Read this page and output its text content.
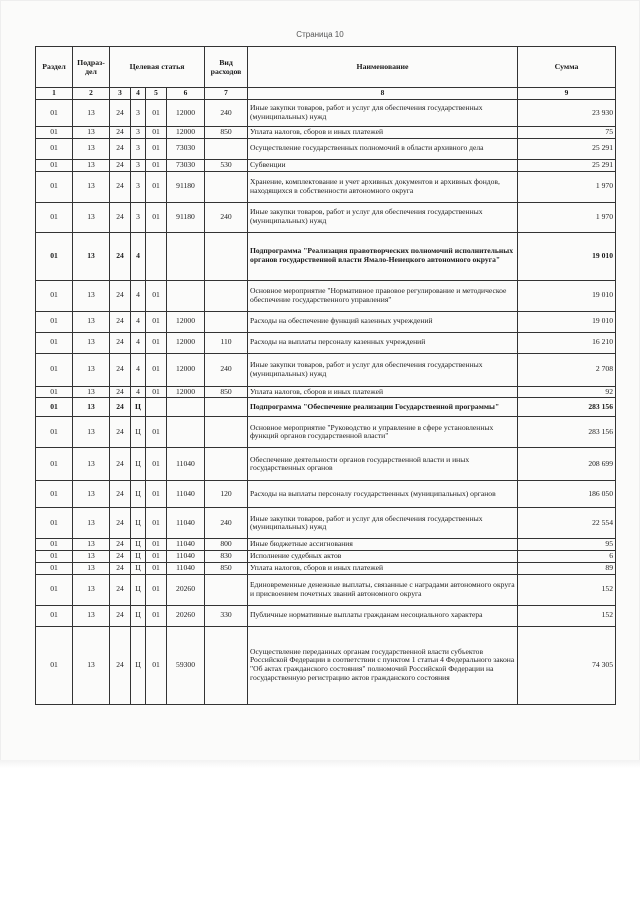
Страница 10
Раздел	Подраз-дел	Целевая статья				Вид расходов	Наименование	Сумма
1	2	3	4	5	6	7	8	9
01	13	24	3	01	12000	240	Иные закупки товаров, работ и услуг для обеспечения государственных (муниципальных) нужд	23 930
01	13	24	3	01	12000	850	Уплата налогов, сборов и иных платежей	75
01	13	24	3	01	73030		Осуществление государственных полномочий в области архивного дела	25 291
01	13	24	3	01	73030	530	Субвенции	25 291
01	13	24	3	01	91180		Хранение, комплектование и учет архивных документов и архивных фондов, находящихся в собственности автономного округа	1 970
01	13	24	3	01	91180	240	Иные закупки товаров, работ и услуг для обеспечения государственных (муниципальных) нужд	1 970
01	13	24	4				Подпрограмма "Реализация правотворческих полномочий исполнительных органов государственной власти Ямало-Ненецкого автономного округа"	19 010
01	13	24	4	01			Основное мероприятие "Нормативное правовое регулирование и методическое обеспечение государственного управления"	19 010
01	13	24	4	01	12000		Расходы на обеспечение функций казенных учреждений	19 010
01	13	24	4	01	12000	110	Расходы на выплаты персоналу казенных учреждений	16 210
01	13	24	4	01	12000	240	Иные закупки товаров, работ и услуг для обеспечения государственных (муниципальных) нужд	2 708
01	13	24	4	01	12000	850	Уплата налогов, сборов и иных платежей	92
01	13	24	Ц				Подпрограмма "Обеспечение реализации Государственной программы"	283 156
01	13	24	Ц	01			Основное мероприятие "Руководство и управление в сфере установленных функций органов государственной власти"	283 156
01	13	24	Ц	01	11040		Обеспечение деятельности органов государственной власти и иных государственных органов	208 699
01	13	24	Ц	01	11040	120	Расходы на выплаты персоналу государственных (муниципальных) органов	186 050
01	13	24	Ц	01	11040	240	Иные закупки товаров, работ и услуг для обеспечения государственных (муниципальных) нужд	22 554
01	13	24	Ц	01	11040	800	Иные бюджетные ассигнования	95
01	13	24	Ц	01	11040	830	Исполнение судебных актов	6
01	13	24	Ц	01	11040	850	Уплата налогов, сборов и иных платежей	89
01	13	24	Ц	01	20260		Единовременные денежные выплаты, связанные с наградами автономного округа и присвоением почетных званий автономного округа	152
01	13	24	Ц	01	20260	330	Публичные нормативные выплаты гражданам несоциального характера	152
01	13	24	Ц	01	59300		Осуществление переданных органам государственной власти субъектов Российской Федерации в соответствии с пунктом 1 статьи 4 Федерального закона "Об актах гражданского состояния" полномочий Российской Федерации на государственную регистрацию актов гражданского состояния	74 305
